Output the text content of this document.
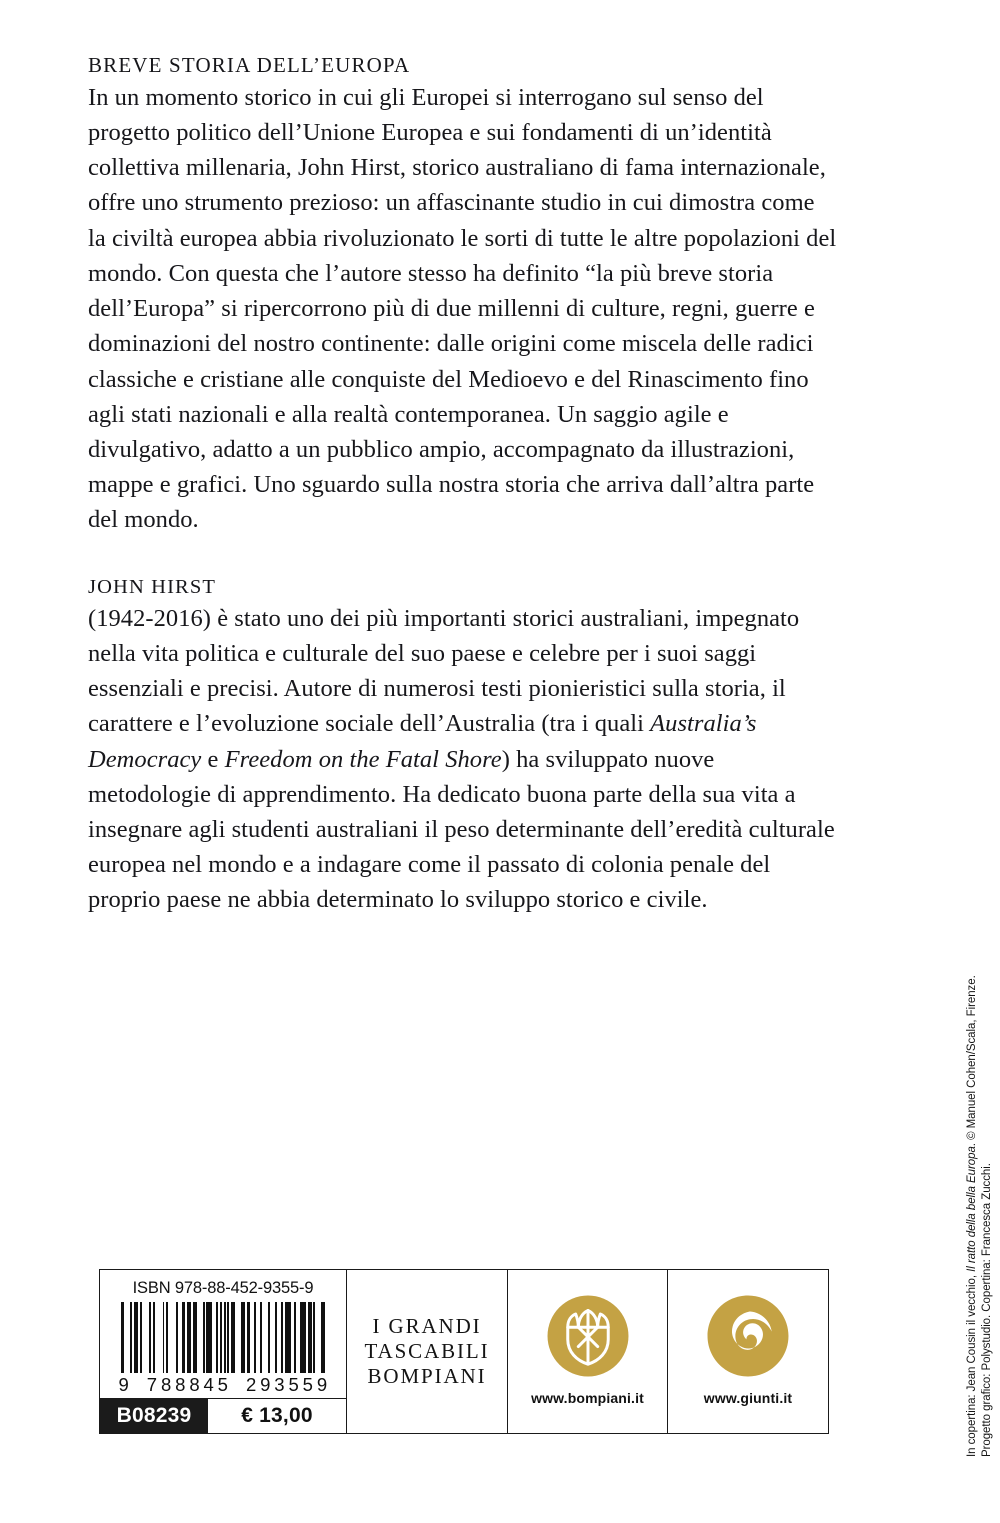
BREVE STORIA DELL’EUROPA

In un momento storico in cui gli Europei si interrogano sul senso del progetto politico dell’Unione Europea e sui fondamenti di un’identità collettiva millenaria, John Hirst, storico australiano di fama internazionale, offre uno strumento prezioso: un affascinante studio in cui dimostra come la civiltà europea abbia rivoluzionato le sorti di tutte le altre popolazioni del mondo. Con questa che l’autore stesso ha definito “la più breve storia dell’Europa” si ripercorrono più di due millenni di culture, regni, guerre e dominazioni del nostro continente: dalle origini come miscela delle radici classiche e cristiane alle conquiste del Medioevo e del Rinascimento fino agli stati nazionali e alla realtà contemporanea. Un saggio agile e divulgativo, adatto a un pubblico ampio, accompagnato da illustrazioni, mappe e grafici. Uno sguardo sulla nostra storia che arriva dall’altra parte del mondo.

JOHN HIRST

(1942-2016) è stato uno dei più importanti storici australiani, impegnato nella vita politica e culturale del suo paese e celebre per i suoi saggi essenziali e precisi. Autore di numerosi testi pionieristici sulla storia, il carattere e l’evoluzione sociale dell’Australia (tra i quali Australia’s Democracy e Freedom on the Fatal Shore) ha sviluppato nuove metodologie di apprendimento. Ha dedicato buona parte della sua vita a insegnare agli studenti australiani il peso determinante dell’eredità culturale europea nel mondo e a indagare come il passato di colonia penale del proprio paese ne abbia determinato lo sviluppo storico e civile.

ISBN 978-88-452-9355-9
9 7 8 8 8 4 5 2 9 3 5 5 9
B08239	€ 13,00
I GRANDI
TASCABILI
BOMPIANI
www.bompiani.it	www.giunti.it	In copertina: Jean Cousin il vecchio, Il ratto della bella Europa. © Manuel Cohen/Scala, Firenze.
Progetto grafico: Polystudio. Copertina: Francesca Zucchi.
